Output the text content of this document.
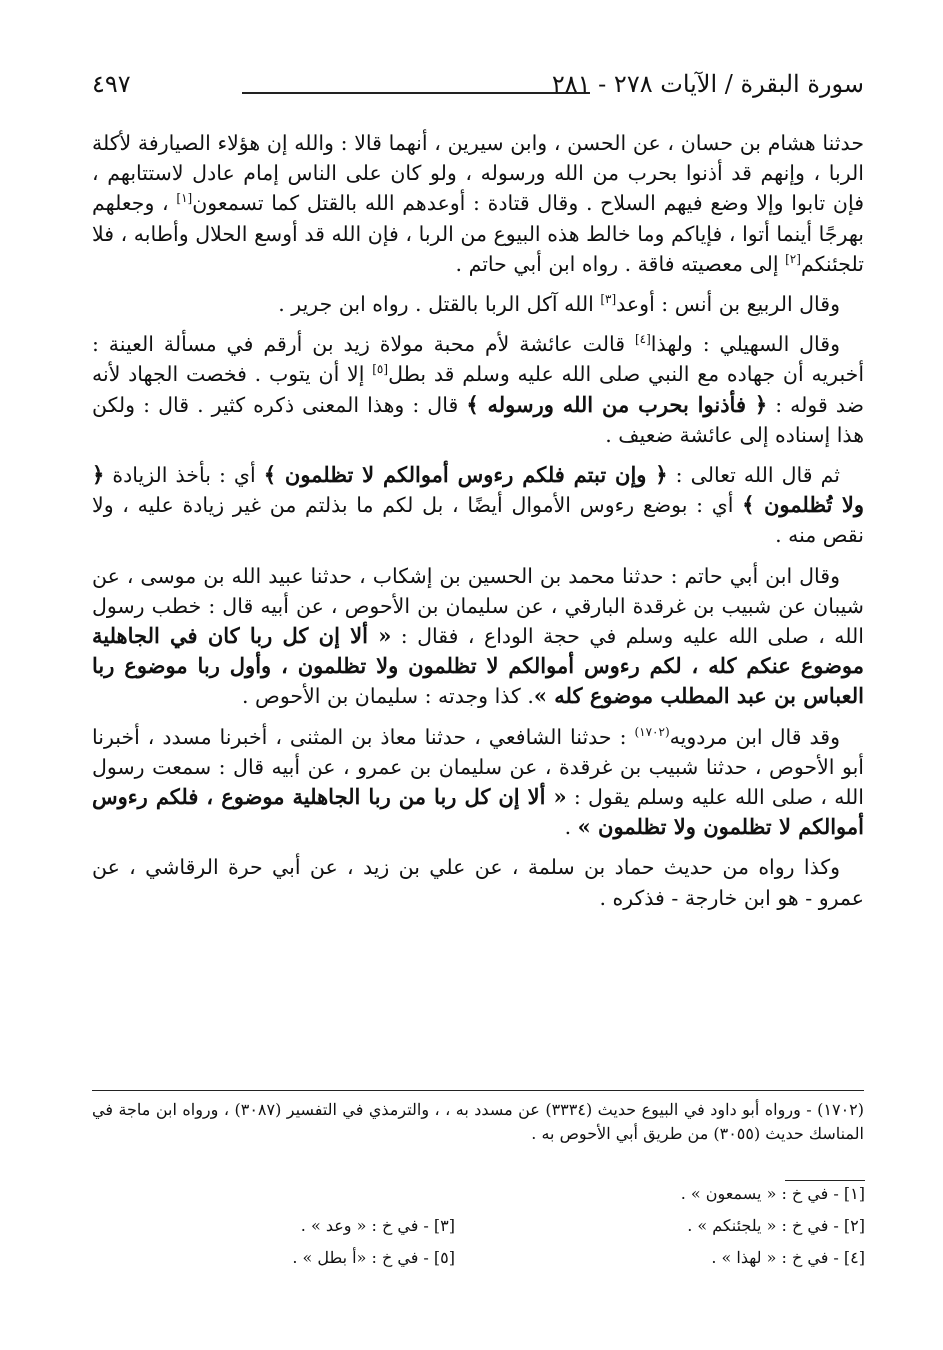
٤٩٧	سورة البقرة / الآيات ٢٧٨ - ٢٨١

حدثنا هشام بن حسان ، عن الحسن ، وابن سيرين ، أنهما قالا : والله إن هؤلاء الصيارفة لأكلة الربا ، وإنهم قد أذنوا بحرب من الله ورسوله ، ولو كان على الناس إمام عادل لاستتابهم ، فإن تابوا وإلا وضع فيهم السلاح . وقال قتادة : أوعدهم الله بالقتل كما تسمعون[١] ، وجعلهم بهرجًا أينما أتوا ، فإياكم وما خالط هذه البيوع من الربا ، فإن الله قد أوسع الحلال وأطابه ، فلا تلجئنكم[٢] إلى معصيته فاقة . رواه ابن أبي حاتم .

وقال الربيع بن أنس : أوعد[٣] الله آكل الربا بالقتل . رواه ابن جرير .

وقال السهيلي : ولهذا[٤] قالت عائشة لأم محبة مولاة زيد بن أرقم في مسألة العينة : أخبريه أن جهاده مع النبي صلى الله عليه وسلم قد بطل[٥] إلا أن يتوب . فخصت الجهاد لأنه ضد قوله : ﴿ فأذنوا بحرب من الله ورسوله ﴾ قال : وهذا المعنى ذكره كثير . قال : ولكن هذا إسناده إلى عائشة ضعيف .

ثم قال الله تعالى : ﴿ وإن تبتم فلكم رءوس أموالكم لا تظلمون ﴾ أي : بأخذ الزيادة ﴿ ولا تُظلمون ﴾ أي : بوضع رءوس الأموال أيضًا ، بل لكم ما بذلتم من غير زيادة عليه ، ولا نقص منه .

وقال ابن أبي حاتم : حدثنا محمد بن الحسين بن إشكاب ، حدثنا عبيد الله بن موسى ، عن شيبان عن شبيب بن غرقدة البارقي ، عن سليمان بن الأحوص ، عن أبيه قال : خطب رسول الله ، صلى الله عليه وسلم في حجة الوداع ، فقال : « ألا إن كل ربا كان في الجاهلية موضوع عنكم كله ، لكم رءوس أموالكم لا تظلمون ولا تظلمون ، وأول ربا موضوع ربا العباس بن عبد المطلب موضوع كله ». كذا وجدته : سليمان بن الأحوص .

وقد قال ابن مردويه$^{(١٧٠٢)}$ : حدثنا الشافعي ، حدثنا معاذ بن المثنى ، أخبرنا مسدد ، أخبرنا أبو الأحوص ، حدثنا شبيب بن غرقدة ، عن سليمان بن عمرو ، عن أبيه قال : سمعت رسول الله ، صلى الله عليه وسلم يقول : « ألا إن كل ربا من ربا الجاهلية موضوع ، فلكم رءوس أموالكم لا تظلمون ولا تظلمون » .

وكذا رواه من حديث حماد بن سلمة ، عن علي بن زيد ، عن أبي حرة الرقاشي ، عن عمرو - هو ابن خارجة - فذكره .

(١٧٠٢) - ورواه أبو داود في البيوع حديث (٣٣٣٤) عن مسدد به ، ، والترمذي في التفسير (٣٠٨٧) ، ورواه ابن ماجة في المناسك حديث (٣٠٥٥) من طريق أبي الأحوص به .
[١] - في خ : « يسمعون » .
[٢] - في خ : « يلجئنكم » .
[٣] - في خ : « وعد » .
[٤] - في خ : « لهذا » .
[٥] - في خ : «أ بطل » .
